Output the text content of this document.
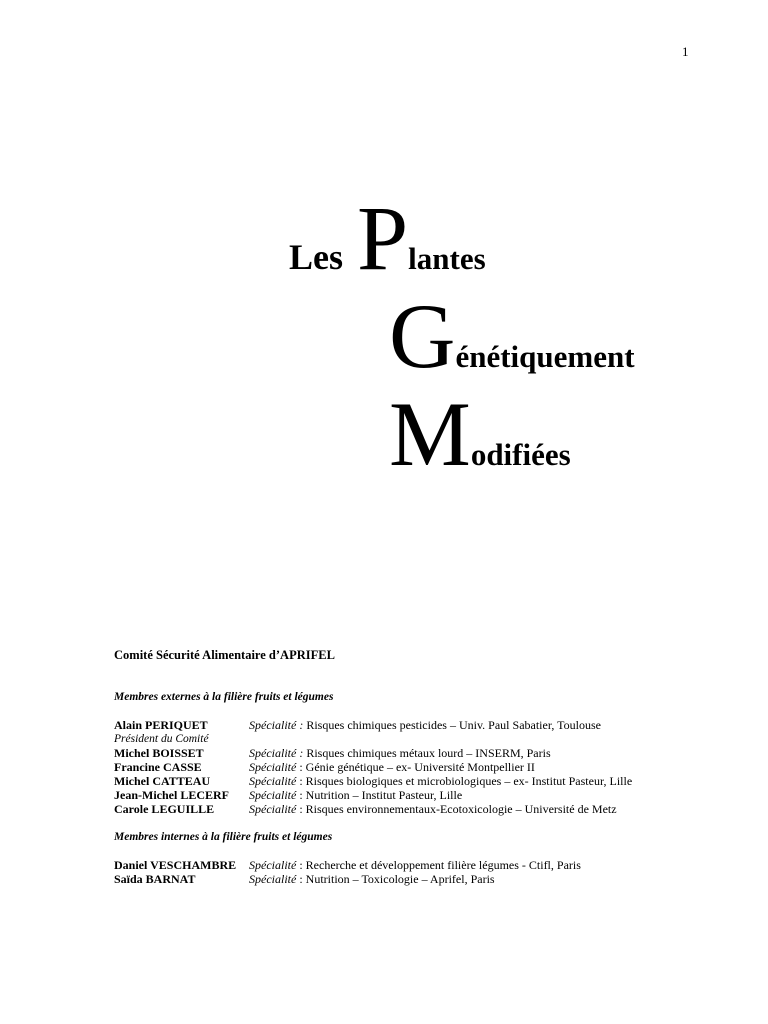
1
Les Plantes
Génétiquement
Modifiées
Comité Sécurité Alimentaire d’APRIFEL
Membres externes à la filière fruits et légumes
Alain PERIQUET	Spécialité : Risques chimiques pesticides – Univ. Paul Sabatier, Toulouse
Président du Comité
Michel BOISSET	Spécialité : Risques chimiques métaux lourd – INSERM, Paris
Francine CASSE	Spécialité : Génie génétique – ex- Université Montpellier II
Michel CATTEAU	Spécialité : Risques biologiques et microbiologiques – ex- Institut Pasteur, Lille
Jean-Michel LECERF	Spécialité : Nutrition – Institut Pasteur, Lille
Carole LEGUILLE	Spécialité : Risques environnementaux-Ecotoxicologie – Université de Metz
Membres internes à la filière fruits et légumes
Daniel VESCHAMBRE	Spécialité : Recherche et développement filière légumes - Ctifl, Paris
Saïda BARNAT	Spécialité : Nutrition – Toxicologie – Aprifel, Paris
